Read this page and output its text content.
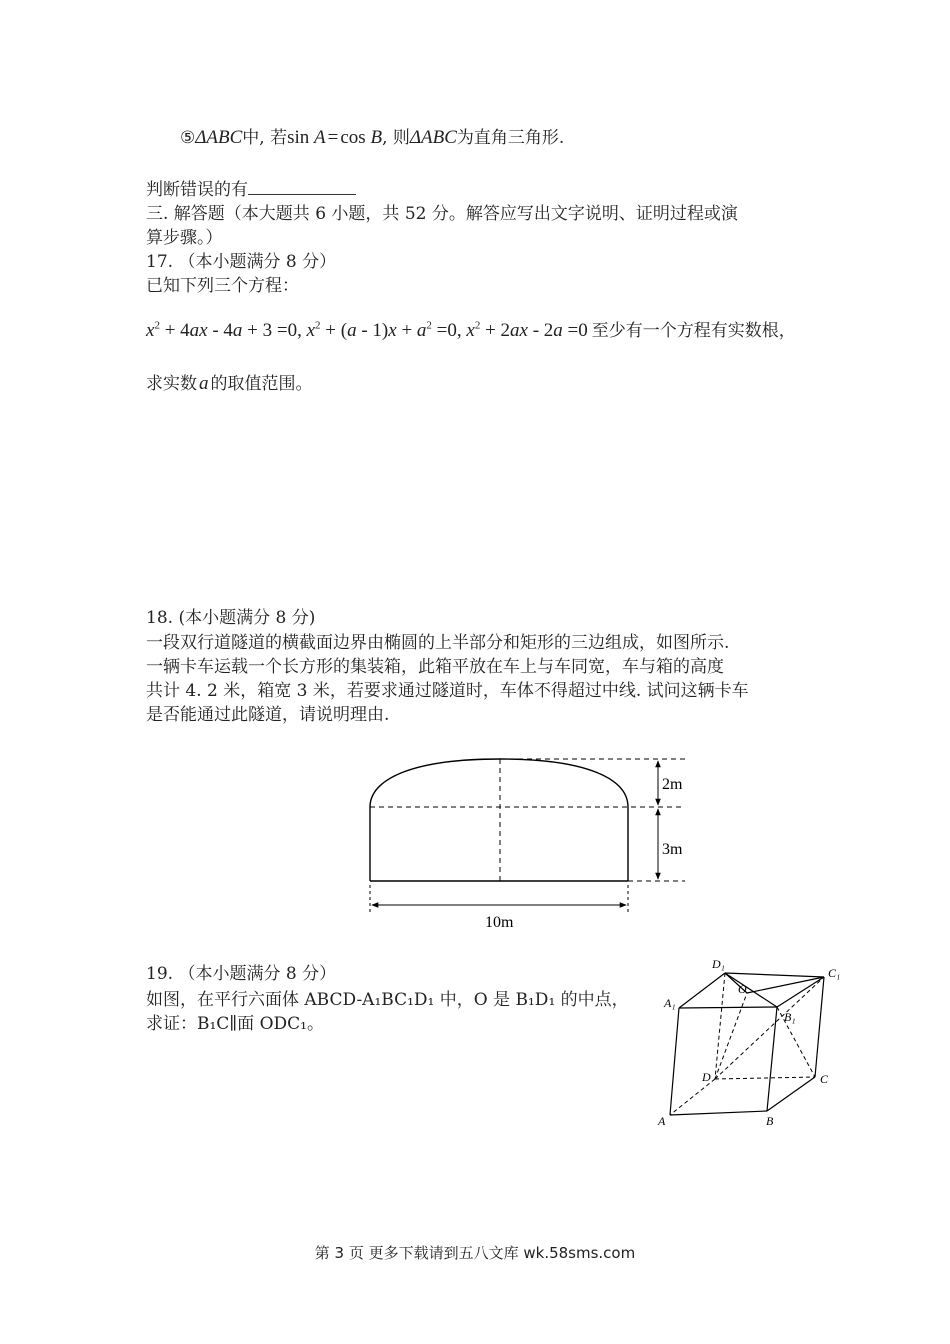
⑤ΔABC中, 若sin A = cos B, 则ΔABC为直角三角形.
判断错误的有
三. 解答题（本大题共 6 小题，共 52 分。解答应写出文字说明、证明过程或演
算步骤。）
17. （本小题满分 8 分）
已知下列三个方程：
$x^2 + 4ax - 4a + 3 =0$, $x^2 + (a - 1)x + a^2 =0$, $x^2 + 2ax - 2a =0$ 至少有一个方程有实数根，
求实数 a 的取值范围。
18. (本小题满分 8 分)
一段双行道隧道的横截面边界由椭圆的上半部分和矩形的三边组成，如图所示.
一辆卡车运载一个长方形的集装箱，此箱平放在车上与车同宽，车与箱的高度
共计 4. 2 米，箱宽 3 米，若要求通过隧道时，车体不得超过中线. 试问这辆卡车
是否能通过此隧道，请说明理由.
2m
3m
10m
19. （本小题满分 8 分）
如图，在平行六面体 ABCD-A₁BC₁D₁ 中，O 是 B₁D₁ 的中点，
求证：B₁C∥面 ODC₁。
D₁
C₁
A₁
B₁
O
D	C
A	B
第 3 页 更多下载请到五八文库 wk.58sms.com
